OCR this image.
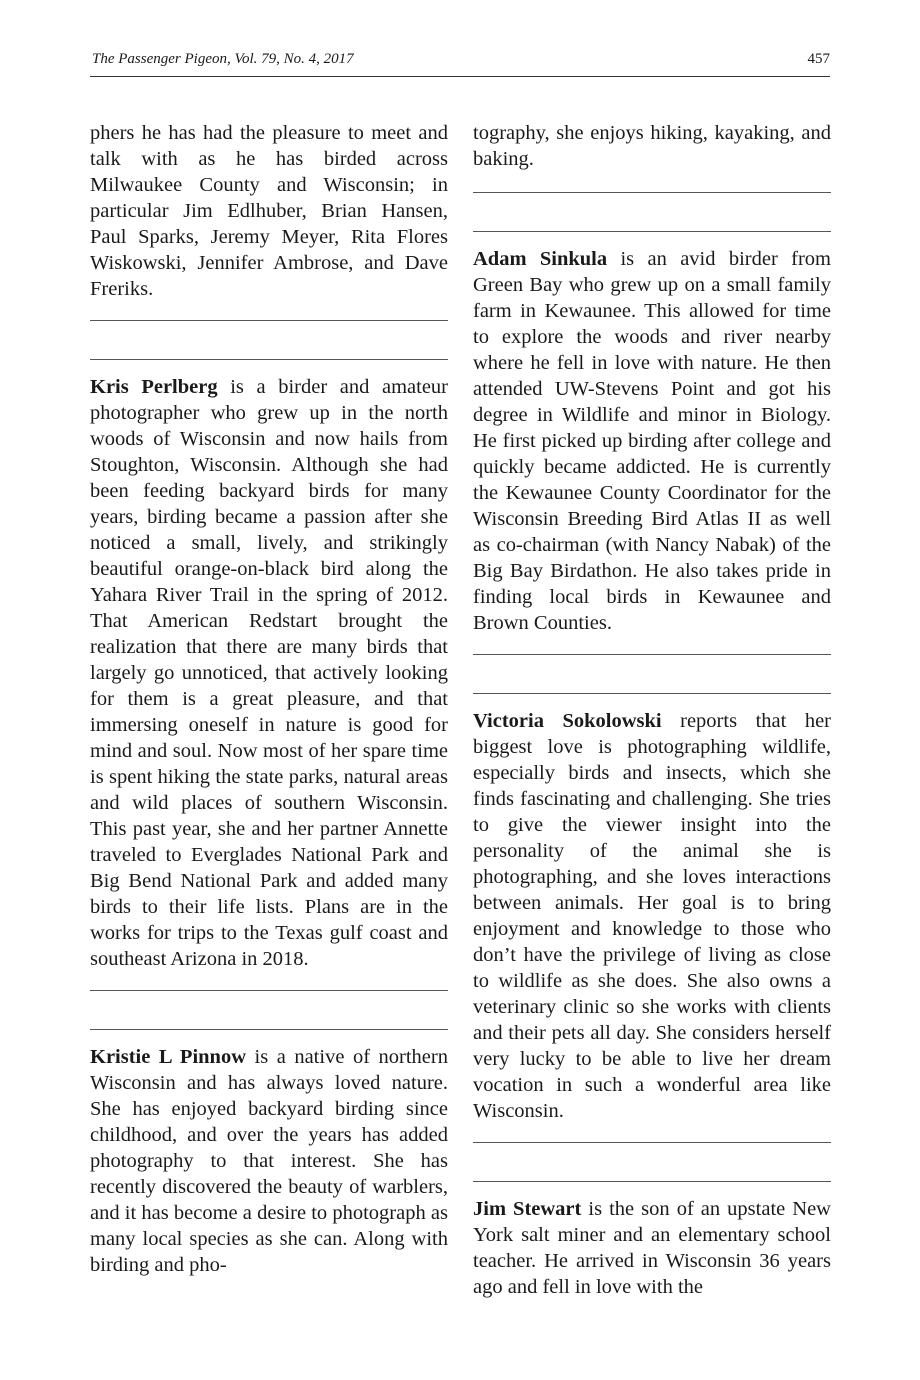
The Passenger Pigeon, Vol. 79, No. 4, 2017	457

phers he has had the pleasure to meet and talk with as he has birded across Milwaukee County and Wisconsin; in particular Jim Edlhuber, Brian Hansen, Paul Sparks, Jeremy Meyer, Rita Flores Wiskowski, Jennifer Ambrose, and Dave Freriks.

Kris Perlberg is a birder and amateur photographer who grew up in the north woods of Wisconsin and now hails from Stoughton, Wisconsin. Although she had been feeding backyard birds for many years, birding became a passion after she noticed a small, lively, and strikingly beautiful orange-on-black bird along the Yahara River Trail in the spring of 2012. That American Redstart brought the realization that there are many birds that largely go unnoticed, that actively looking for them is a great pleasure, and that immersing oneself in nature is good for mind and soul. Now most of her spare time is spent hiking the state parks, natural areas and wild places of southern Wisconsin. This past year, she and her partner Annette traveled to Everglades National Park and Big Bend National Park and added many birds to their life lists. Plans are in the works for trips to the Texas gulf coast and southeast Arizona in 2018.

Kristie L Pinnow is a native of northern Wisconsin and has always loved nature. She has enjoyed backyard birding since childhood, and over the years has added photography to that interest. She has recently discovered the beauty of warblers, and it has become a desire to photograph as many local species as she can. Along with birding and pho-

tography, she enjoys hiking, kayaking, and baking.

Adam Sinkula is an avid birder from Green Bay who grew up on a small family farm in Kewaunee. This allowed for time to explore the woods and river nearby where he fell in love with nature. He then attended UW-Stevens Point and got his degree in Wildlife and minor in Biology. He first picked up birding after college and quickly became addicted. He is currently the Kewaunee County Coordinator for the Wisconsin Breeding Bird Atlas II as well as co-chairman (with Nancy Nabak) of the Big Bay Birdathon. He also takes pride in finding local birds in Kewaunee and Brown Counties.

Victoria Sokolowski reports that her biggest love is photographing wildlife, especially birds and insects, which she finds fascinating and challenging. She tries to give the viewer insight into the personality of the animal she is photographing, and she loves interactions between animals. Her goal is to bring enjoyment and knowledge to those who don’t have the privilege of living as close to wildlife as she does. She also owns a veterinary clinic so she works with clients and their pets all day. She considers herself very lucky to be able to live her dream vocation in such a wonderful area like Wisconsin.

Jim Stewart is the son of an upstate New York salt miner and an elementary school teacher. He arrived in Wisconsin 36 years ago and fell in love with the
